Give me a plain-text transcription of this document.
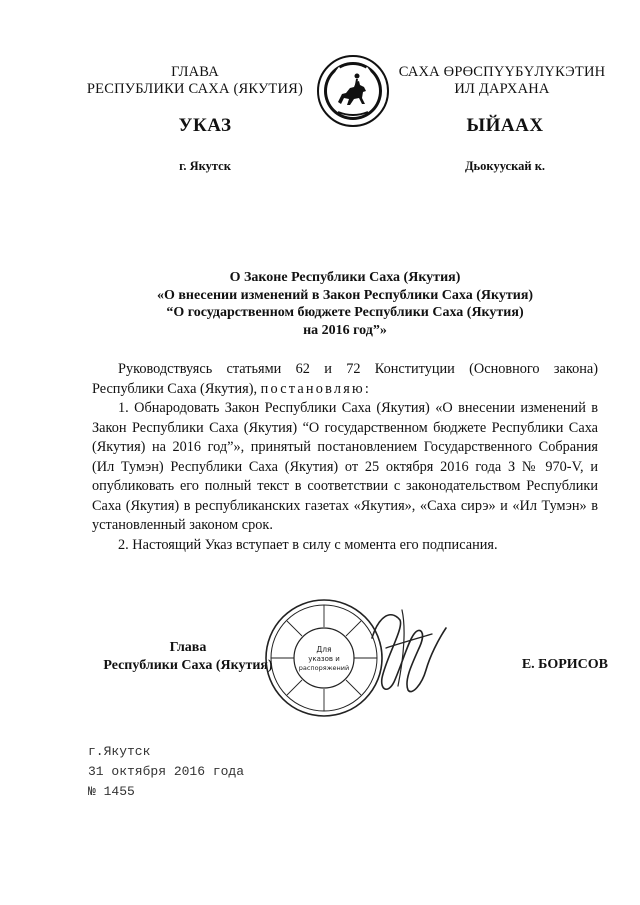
ГЛАВА
РЕСПУБЛИКИ САХА (ЯКУТИЯ)
САХА ӨРӨСПҮҮБҮЛҮКЭТИН
ИЛ ДАРХАНА
УКАЗ	ЫЙААХ
г. Якутск	Дьокуускай к.
О Законе Республики Саха (Якутия)
«О внесении изменений в Закон Республики Саха (Якутия)
“О государственном бюджете Республики Саха (Якутия)
на 2016 год”»

Руководствуясь статьями 62 и 72 Конституции (Основного закона) Республики Саха (Якутия), постановляю:

1. Обнародовать Закон Республики Саха (Якутия) «О внесении изменений в Закон Республики Саха (Якутия) “О государственном бюджете Республики Саха (Якутия) на 2016 год”», принятый постановлением Государственного Собрания (Ил Тумэн) Республики Саха (Якутия) от 25 октября 2016 года З № 970-V, и опубликовать его полный текст в соответствии с законодательством Республики Саха (Якутия) в республиканских газетах «Якутия», «Саха сирэ» и «Ил Тумэн» в установленный законом срок.

2. Настоящий Указ вступает в силу с момента его подписания.

Глава
Республики Саха (Якутия)
Для
указов и
распоряжений	Е. БОРИСОВ
г.Якутск
31 октября 2016 года
№ 1455
